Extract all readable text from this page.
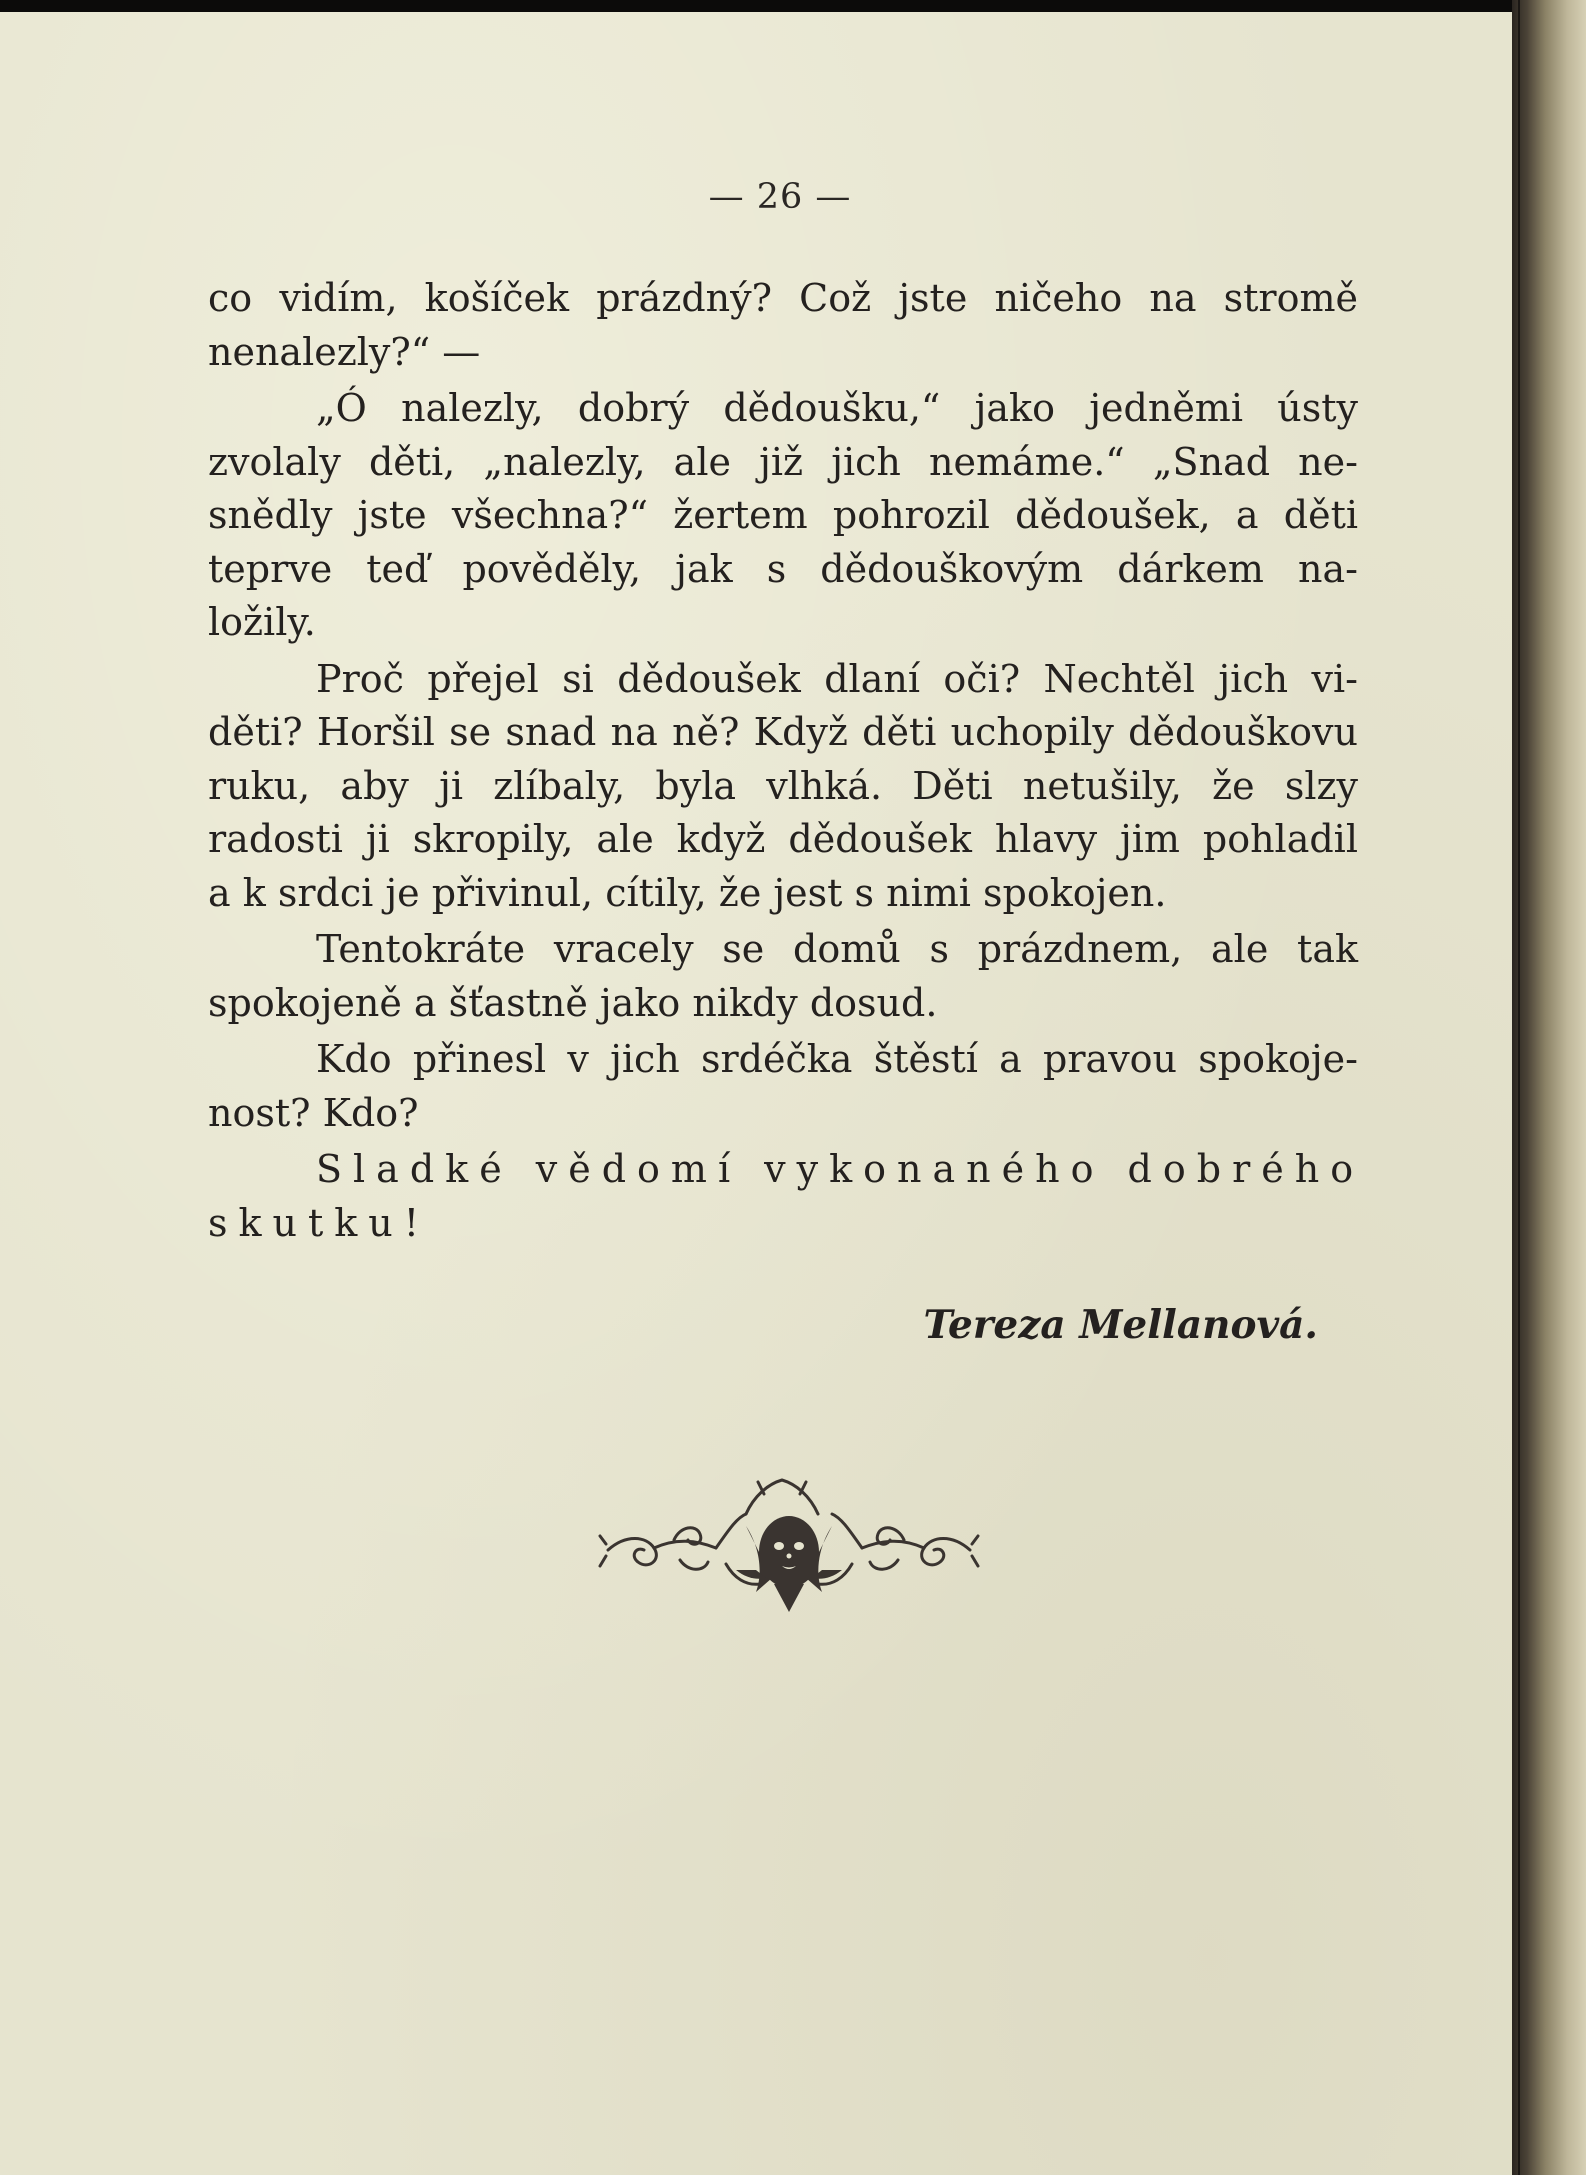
— 26 —

co vidím, košíček prázdný? Což jste ničeho na stromě
nenalezly?“ —

„Ó nalezly, dobrý dědoušku,“ jako jedněmi ústy
zvolaly děti, „nalezly, ale již jich nemáme.“ „Snad ne-
snědly jste všechna?“ žertem pohrozil dědoušek, a děti
teprve teď pověděly, jak s dědouškovým dárkem na-
ložily.

Proč přejel si dědoušek dlaní oči? Nechtěl jich vi-
děti? Horšil se snad na ně? Když děti uchopily dědouškovu
ruku, aby ji zlíbaly, byla vlhká. Děti netušily, že slzy
radosti ji skropily, ale když dědoušek hlavy jim pohladil
a k srdci je přivinul, cítily, že jest s nimi spokojen.

Tentokráte vracely se domů s prázdnem, ale tak
spokojeně a šťastně jako nikdy dosud.

Kdo přinesl v jich srdéčka štěstí a pravou spokoje-
nost? Kdo?

Sladké vědomí vykonaného dobrého
skutku!

Tereza Mellanová.
